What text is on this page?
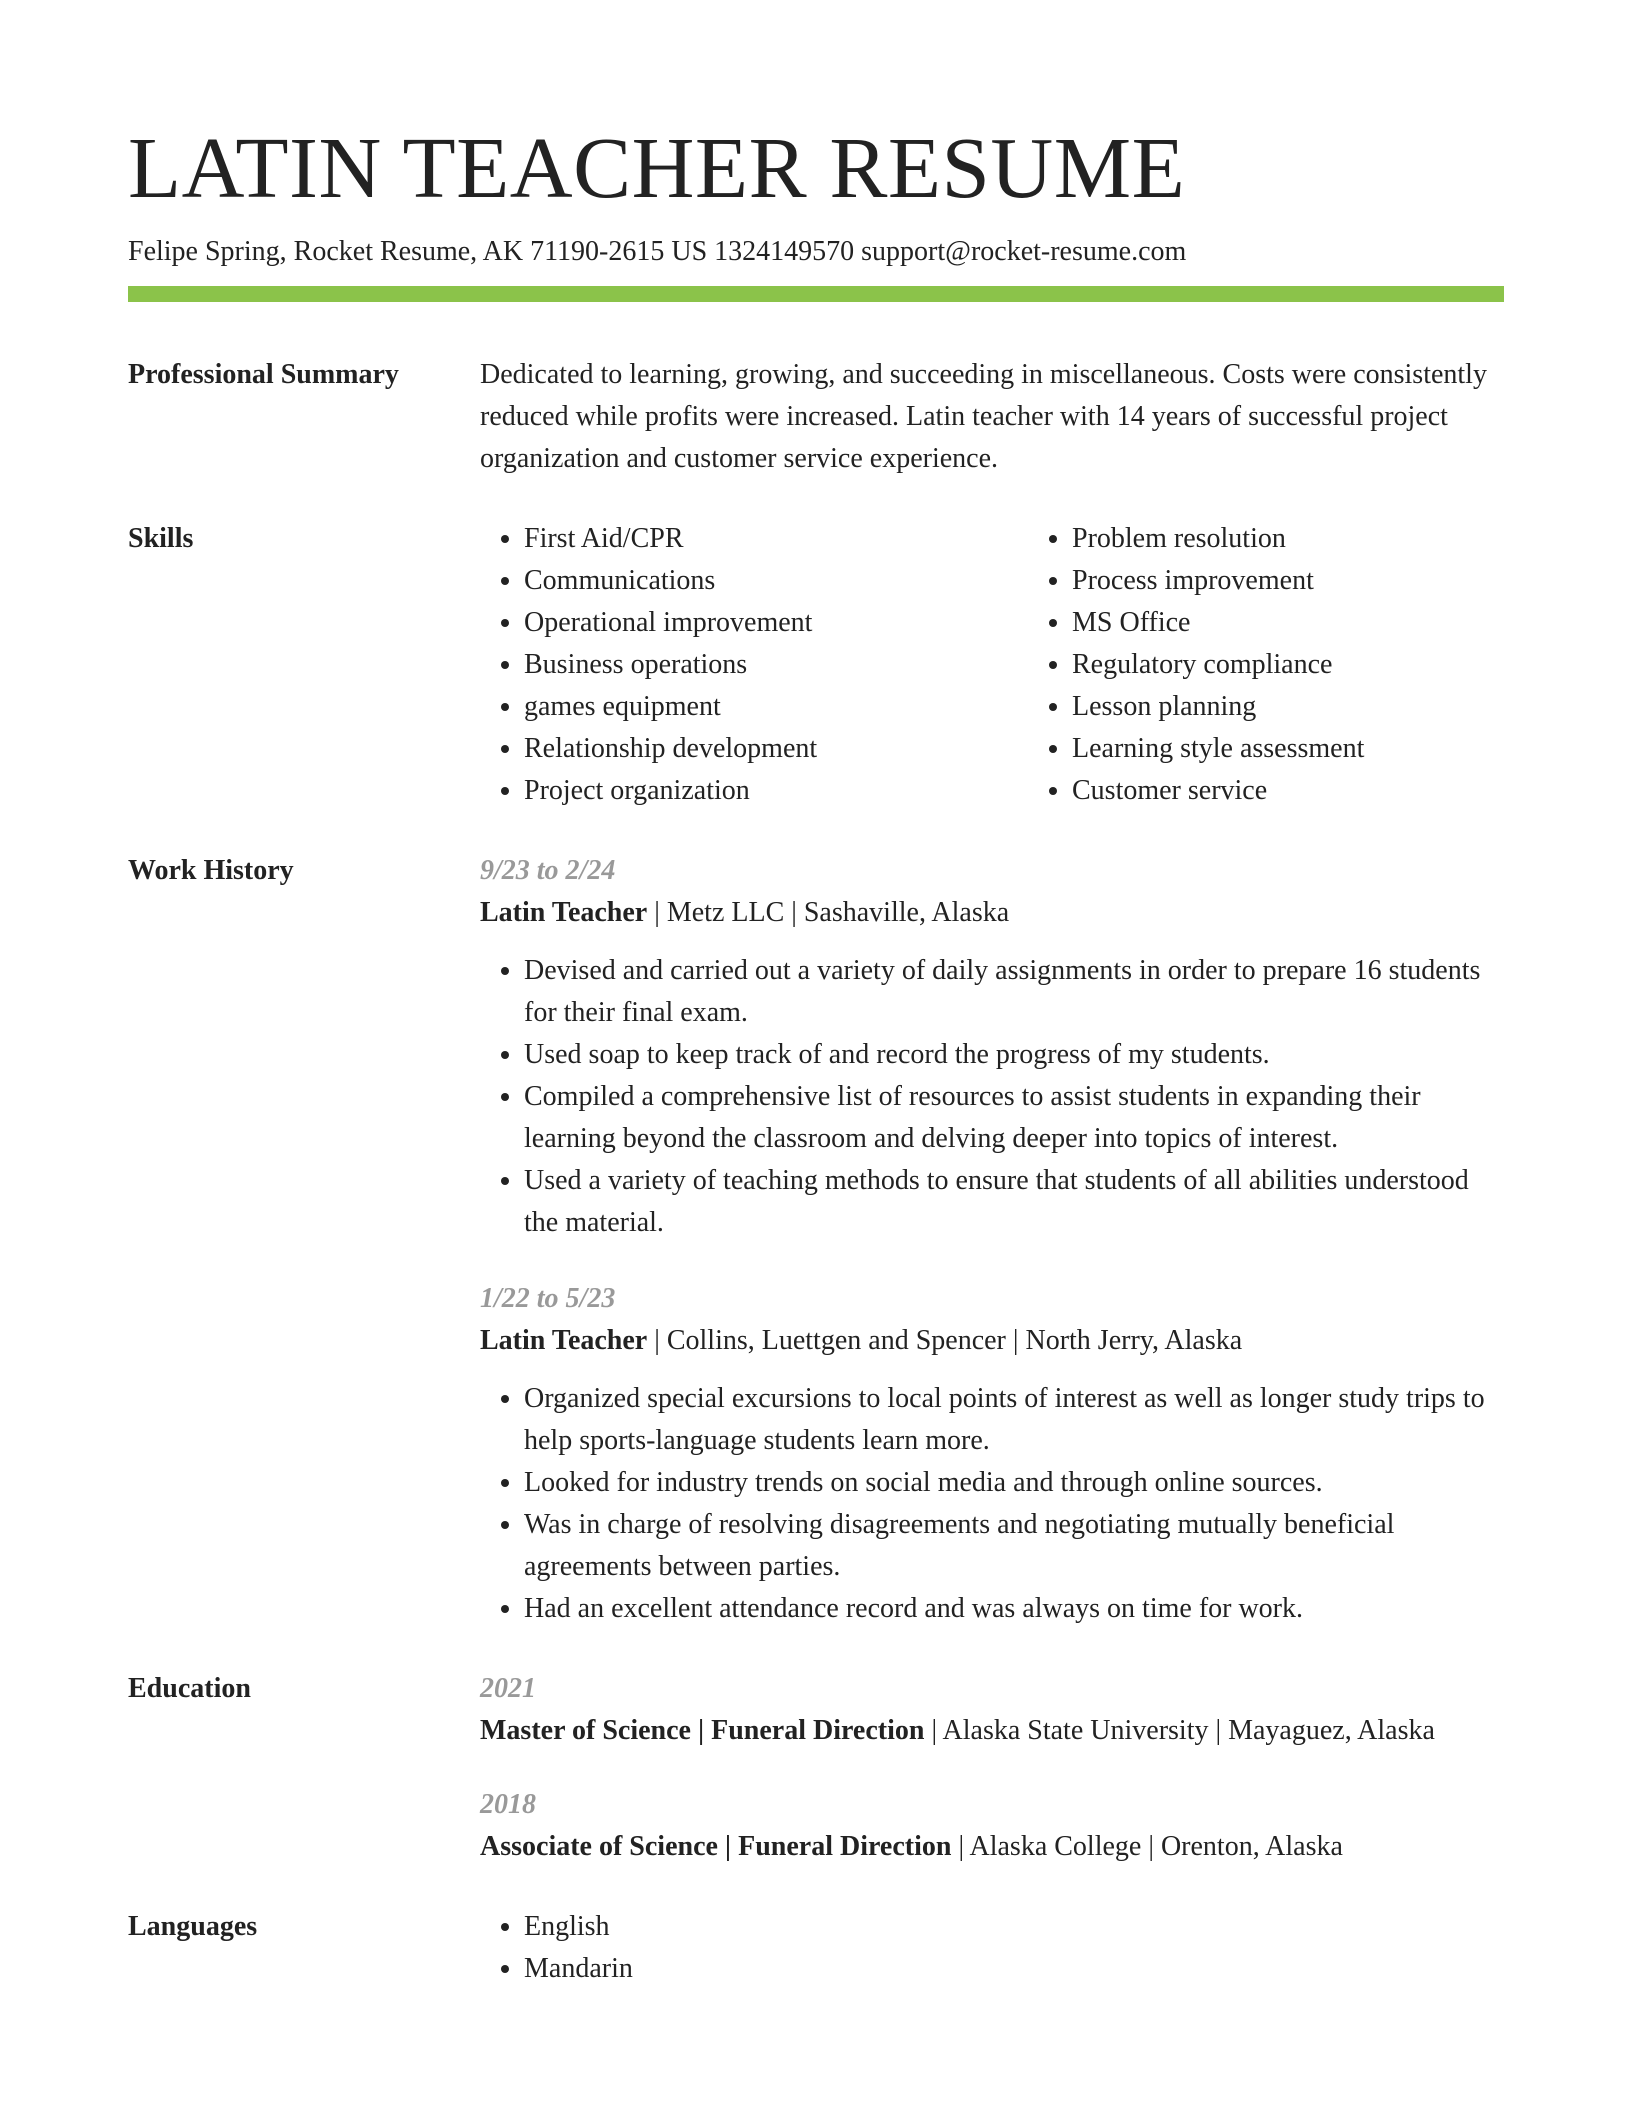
LATIN TEACHER RESUME
Felipe Spring, Rocket Resume, AK 71190-2615 US 1324149570 support@rocket-resume.com
Professional Summary	Dedicated to learning, growing, and succeeding in miscellaneous. Costs were consistently reduced while profits were increased. Latin teacher with 14 years of successful project organization and customer service experience.
Skills	• First Aid/CPR
• Communications
• Operational improvement
• Business operations
• games equipment
• Relationship development
• Project organization
• Problem resolution
• Process improvement
• MS Office
• Regulatory compliance
• Lesson planning
• Learning style assessment
• Customer service
Work History	9/23 to 2/24
Latin Teacher | Metz LLC | Sashaville, Alaska
• Devised and carried out a variety of daily assignments in order to prepare 16 students for their final exam.
• Used soap to keep track of and record the progress of my students.
• Compiled a comprehensive list of resources to assist students in expanding their learning beyond the classroom and delving deeper into topics of interest.
• Used a variety of teaching methods to ensure that students of all abilities understood the material.
1/22 to 5/23
Latin Teacher | Collins, Luettgen and Spencer | North Jerry, Alaska
• Organized special excursions to local points of interest as well as longer study trips to help sports-language students learn more.
• Looked for industry trends on social media and through online sources.
• Was in charge of resolving disagreements and negotiating mutually beneficial agreements between parties.
• Had an excellent attendance record and was always on time for work.
Education	2021
Master of Science | Funeral Direction | Alaska State University | Mayaguez, Alaska
2018
Associate of Science | Funeral Direction | Alaska College | Orenton, Alaska
Languages	• English
• Mandarin
